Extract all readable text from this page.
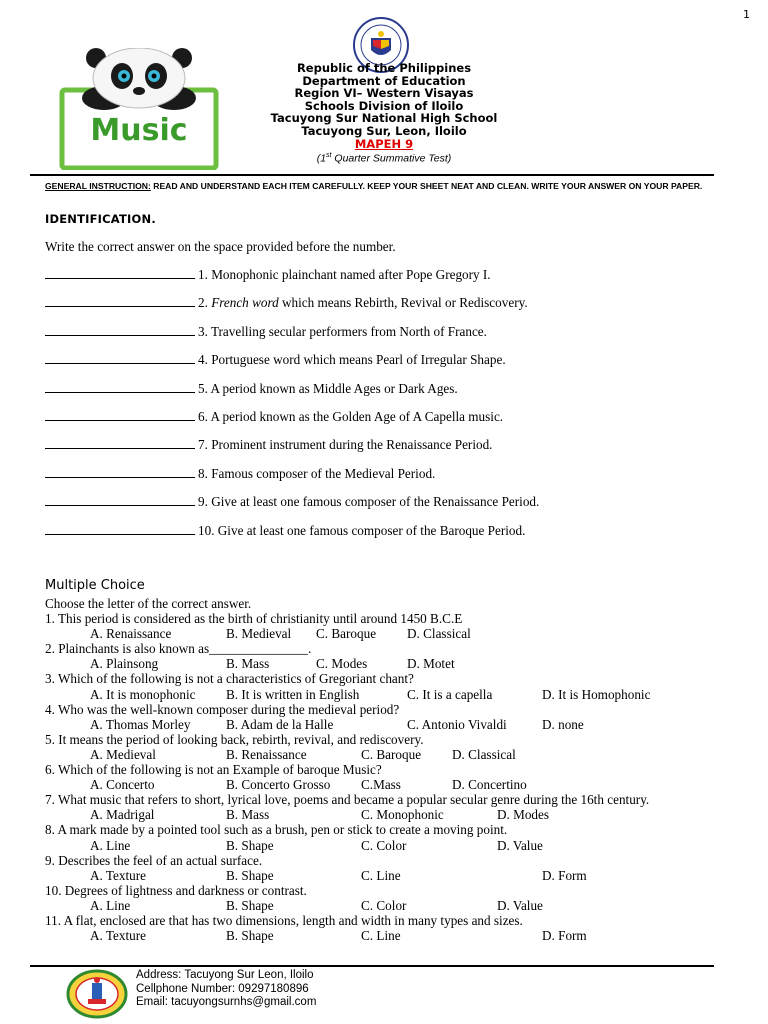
1
Music
Republic of the Philippines
Department of Education
Region VI– Western Visayas
Schools Division of Iloilo
Tacuyong Sur National High School
Tacuyong Sur, Leon, Iloilo
MAPEH 9
(1st Quarter Summative Test)
GENERAL INSTRUCTION: READ AND UNDERSTAND EACH ITEM CAREFULLY. KEEP YOUR SHEET NEAT AND CLEAN. WRITE YOUR ANSWER ON YOUR PAPER.
IDENTIFICATION.
Write the correct answer on the space provided before the number.
1. Monophonic plainchant named after Pope Gregory I.
2. French word which means Rebirth, Revival or Rediscovery.
3. Travelling secular performers from North of France.
4. Portuguese word which means Pearl of Irregular Shape.
5. A period known as Middle Ages or Dark Ages.
6. A period known as the Golden Age of A Capella music.
7. Prominent instrument during the Renaissance Period.
8. Famous composer of the Medieval Period.
9. Give at least one famous composer of the Renaissance Period.
10. Give at least one famous composer of the Baroque Period.
Multiple Choice
Choose the letter of the correct answer.
1. This period is considered as the birth of christianity until around 1450 B.C.E
A. Renaissance	B. Medieval C. Baroque D. Classical
2. Plainchants is also known as_______________.
A. Plainsong	B. Mass	C. Modes	D. Motet
3. Which of the following is not a characteristics of Gregoriant chant?
A. It is monophonic B. It is written in English	C. It is a capella	D. It is Homophonic
4. Who was the well-known composer during the medieval period?
A. Thomas Morley	B. Adam de la Halle	C. Antonio Vivaldi	D. none
5. It means the period of looking back, rebirth, revival, and rediscovery.
A. Medieval	B. Renaissance	C. Baroque D. Classical
6. Which of the following is not an Example of baroque Music?
A. Concerto	B. Concerto Grosso C.Mass	D. Concertino
7. What music that refers to short, lyrical love, poems and became a popular secular genre during the 16th century.
A. Madrigal	B. Mass	C. Monophonic	D. Modes
8. A mark made by a pointed tool such as a brush, pen or stick to create a moving point.
A. Line	B. Shape	C. Color	D. Value
9. Describes the feel of an actual surface.
A. Texture	B. Shape	C. Line	D. Form
10. Degrees of lightness and darkness or contrast.
A. Line	B. Shape	C. Color	D. Value
11. A flat, enclosed are that has two dimensions, length and width in many types and sizes.
A. Texture	B. Shape	C. Line	D. Form
Address: Tacuyong Sur Leon, Iloilo
Cellphone Number: 09297180896
Email: tacuyongsurnhs@gmail.com
